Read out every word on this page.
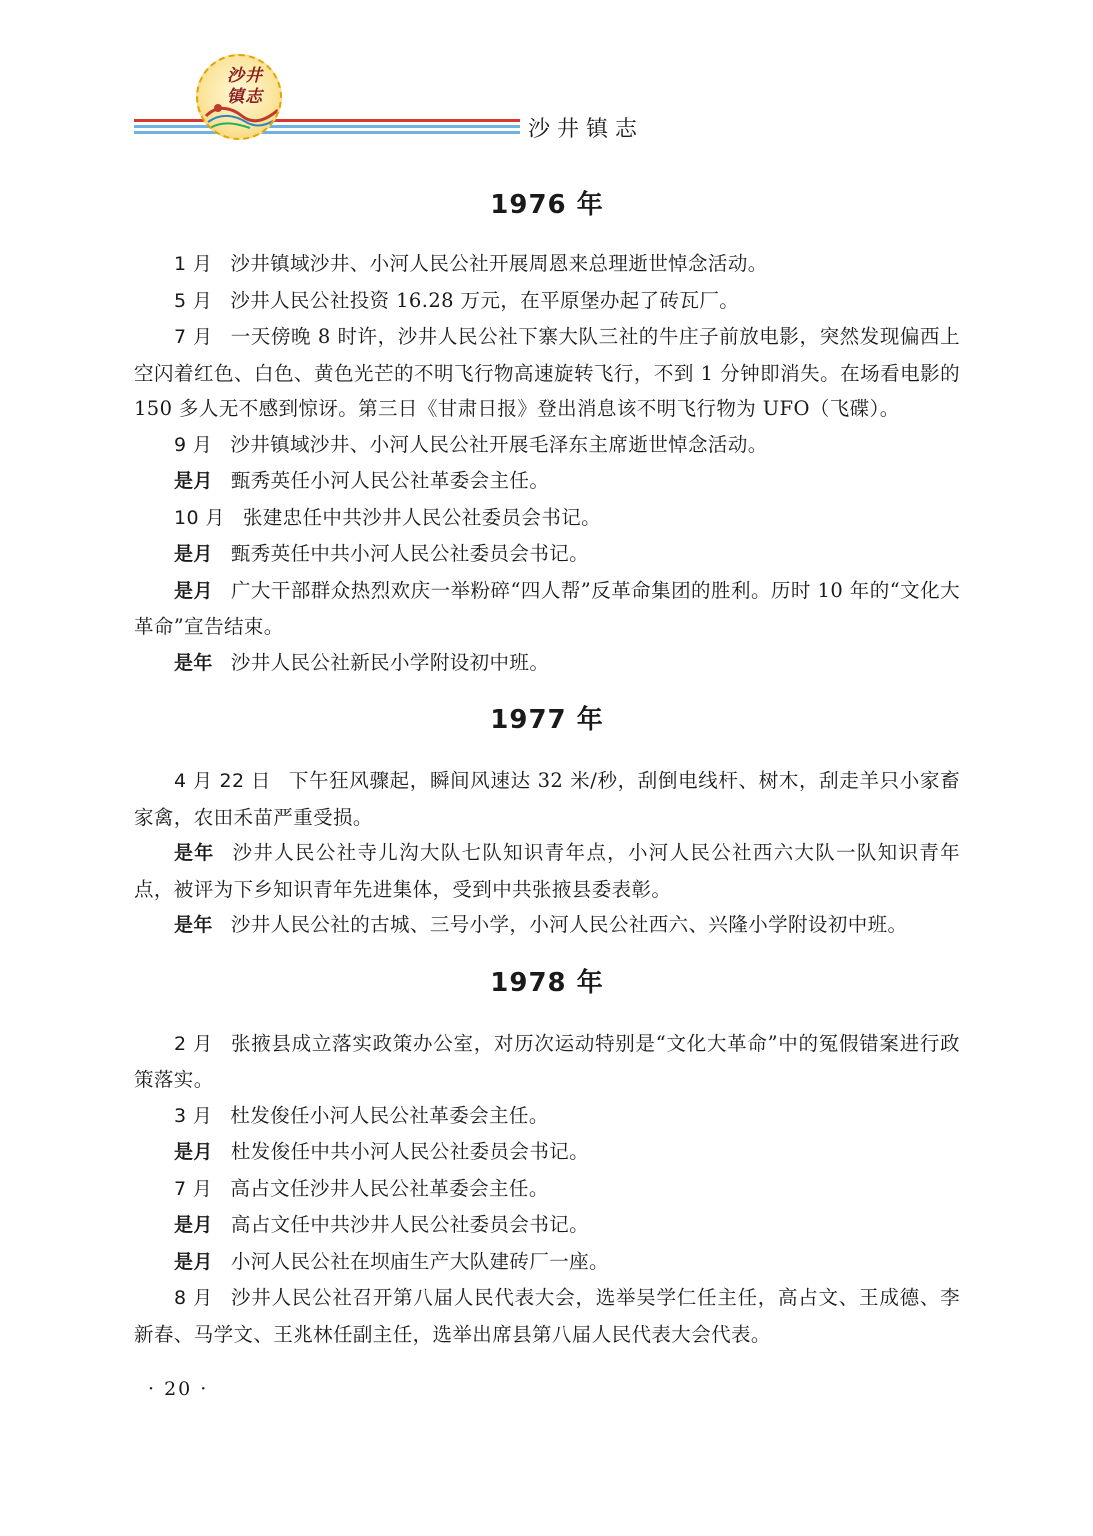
沙井镇志
沙井镇志
1976 年

1 月 沙井镇域沙井、小河人民公社开展周恩来总理逝世悼念活动。

5 月 沙井人民公社投资 16.28 万元，在平原堡办起了砖瓦厂。

7 月 一天傍晚 8 时许，沙井人民公社下寨大队三社的牛庄子前放电影，突然发现偏西上空闪着红色、白色、黄色光芒的不明飞行物高速旋转飞行，不到 1 分钟即消失。在场看电影的 150 多人无不感到惊讶。第三日《甘肃日报》登出消息该不明飞行物为 UFO（飞碟）。

9 月 沙井镇域沙井、小河人民公社开展毛泽东主席逝世悼念活动。

是月 甄秀英任小河人民公社革委会主任。

10 月 张建忠任中共沙井人民公社委员会书记。

是月 甄秀英任中共小河人民公社委员会书记。

是月 广大干部群众热烈欢庆一举粉碎“四人帮”反革命集团的胜利。历时 10 年的“文化大革命”宣告结束。

是年 沙井人民公社新民小学附设初中班。

1977 年

4 月 22 日 下午狂风骤起，瞬间风速达 32 米/秒，刮倒电线杆、树木，刮走羊只小家畜家禽，农田禾苗严重受损。

是年 沙井人民公社寺儿沟大队七队知识青年点，小河人民公社西六大队一队知识青年点，被评为下乡知识青年先进集体，受到中共张掖县委表彰。

是年 沙井人民公社的古城、三号小学，小河人民公社西六、兴隆小学附设初中班。

1978 年

2 月 张掖县成立落实政策办公室，对历次运动特别是“文化大革命”中的冤假错案进行政策落实。

3 月 杜发俊任小河人民公社革委会主任。

是月 杜发俊任中共小河人民公社委员会书记。

7 月 高占文任沙井人民公社革委会主任。

是月 高占文任中共沙井人民公社委员会书记。

是月 小河人民公社在坝庙生产大队建砖厂一座。

8 月 沙井人民公社召开第八届人民代表大会，选举吴学仁任主任，高占文、王成德、李新春、马学文、王兆林任副主任，选举出席县第八届人民代表大会代表。

· 20 ·
